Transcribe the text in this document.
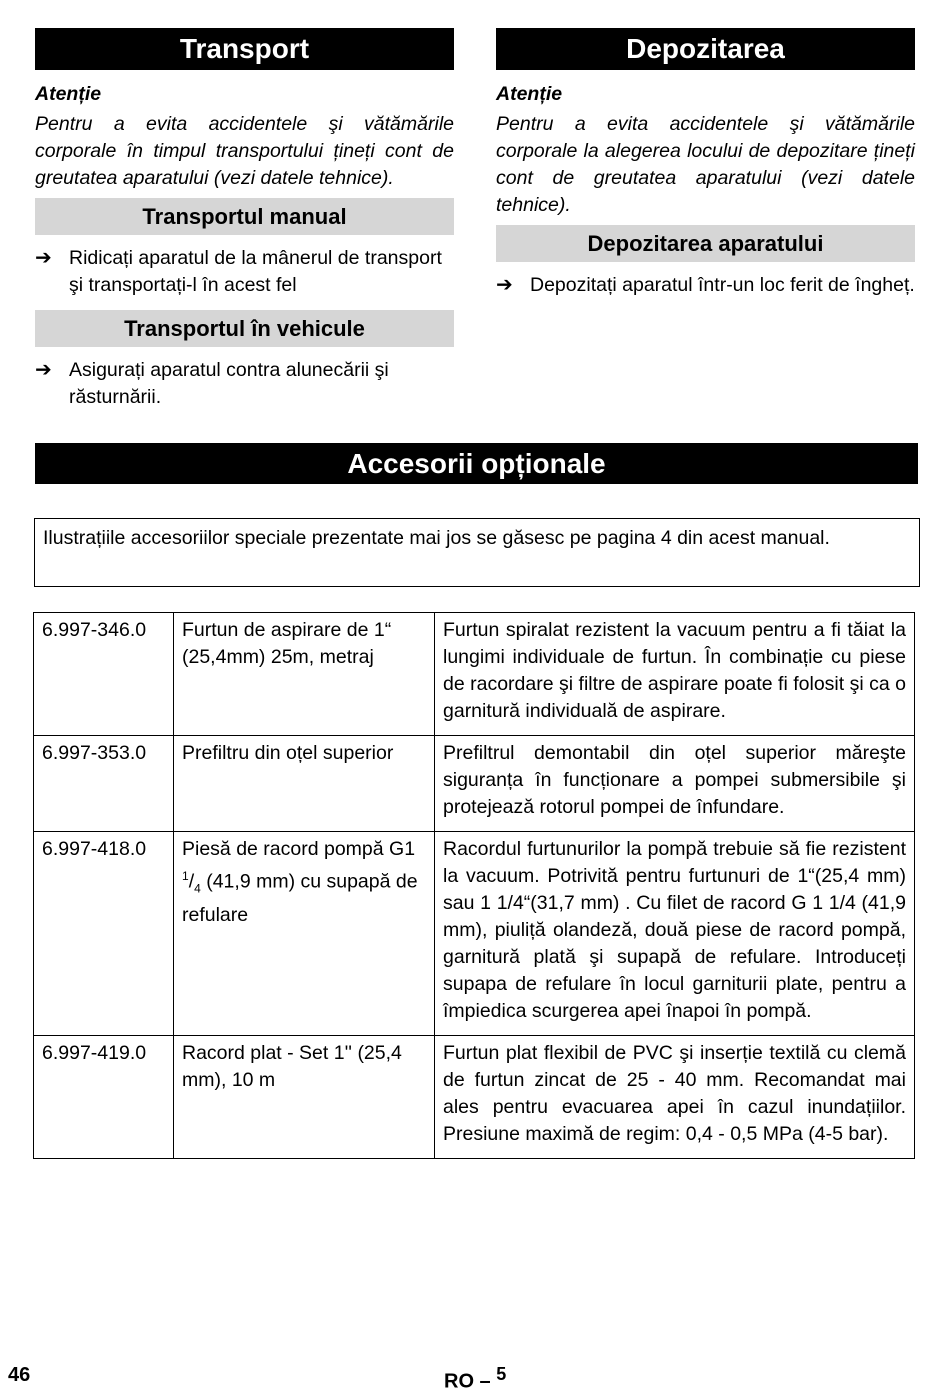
Transport
Atenție
Pentru a evita accidentele şi vătămările corporale în timpul transportului țineți cont de greutatea aparatului (vezi datele tehnice).
Transportul manual
➔ Ridicați aparatul de la mânerul de transport şi transportați-l în acest fel
Transportul în vehicule
➔ Asigurați aparatul contra alunecării şi răsturnării.
Depozitarea
Atenție
Pentru a evita accidentele şi vătămările corporale la alegerea locului de depozitare țineți cont de greutatea aparatului (vezi datele tehnice).
Depozitarea aparatului
➔ Depozitați aparatul într-un loc ferit de îngheț.
Accesorii opționale
Ilustrațiile accesoriilor speciale prezentate mai jos se găsesc pe pagina 4 din acest manual.
6.997-346.0	Furtun de aspirare de 1“ (25,4mm) 25m, metraj	Furtun spiralat rezistent la vacuum pentru a fi tăiat la lungimi individuale de furtun. În combinație cu piese de racordare şi filtre de aspirare poate fi folosit şi ca o garnitură individuală de aspirare.
6.997-353.0	Prefiltru din oțel superior	Prefiltrul demontabil din oțel superior măreşte siguranța în funcționare a pompei submersibile şi protejează rotorul pompei de înfundare.
6.997-418.0	Piesă de racord pompă G1 $^1/_4$ (41,9 mm) cu supapă de refulare	Racordul furtunurilor la pompă trebuie să fie rezistent la vacuum. Potrivită pentru furtunuri de 1“(25,4 mm) sau 1 1/4“(31,7 mm) . Cu filet de racord G 1 1/4 (41,9 mm), piuliță olandeză, două piese de racord pompă, garnitură plată şi supapă de refulare. Introduceți supapa de refulare în locul garniturii plate, pentru a împiedica scurgerea apei înapoi în pompă.
6.997-419.0	Racord plat - Set 1'' (25,4 mm), 10 m	Furtun plat flexibil de PVC şi inserție textilă cu clemă de furtun zincat de 25 - 40 mm. Recomandat mai ales pentru evacuarea apei în cazul inundațiilor. Presiune maximă de regim: 0,4 - 0,5 MPa (4-5 bar).
46	RO – $^5$
